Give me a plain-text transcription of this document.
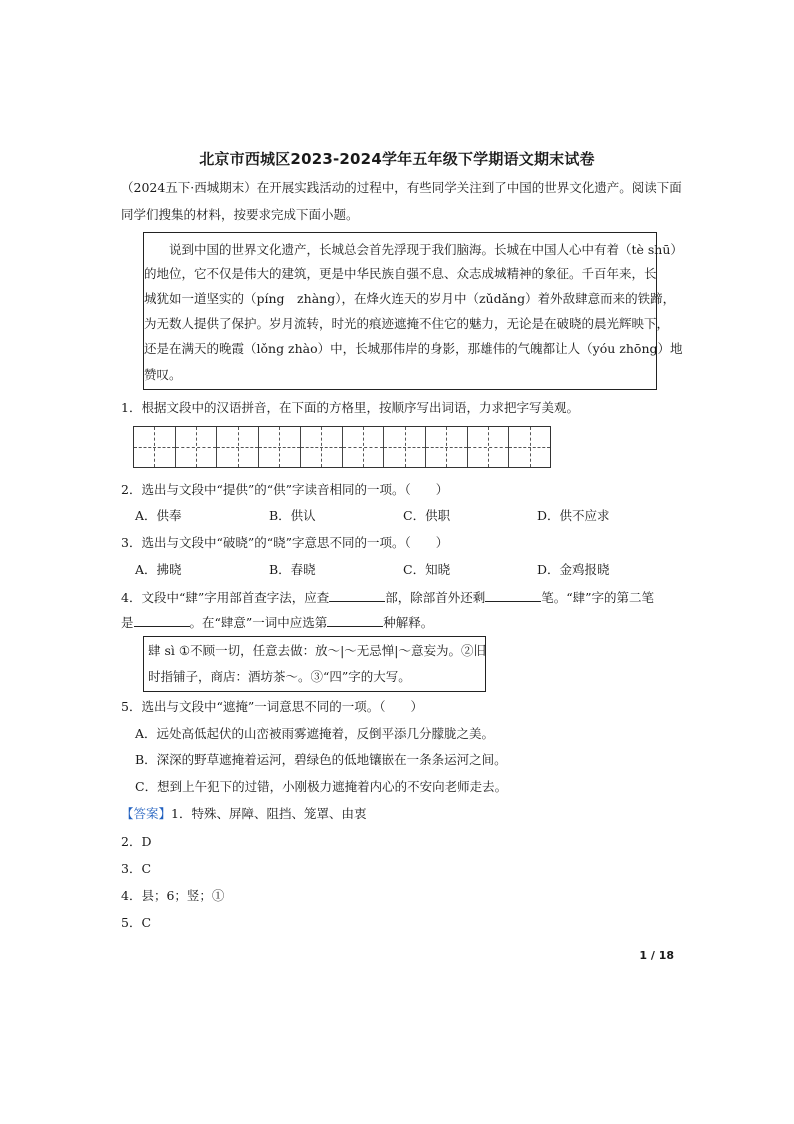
北京市西城区2023-2024学年五年级下学期语文期末试卷
（2024五下·西城期末）在开展实践活动的过程中，有些同学关注到了中国的世界文化遗产。阅读下面
同学们搜集的材料，按要求完成下面小题。
说到中国的世界文化遗产，长城总会首先浮现于我们脑海。长城在中国人心中有着（tè shū）
的地位，它不仅是伟大的建筑，更是中华民族自强不息、众志成城精神的象征。千百年来，长
城犹如一道坚实的（píng　zhàng），在烽火连天的岁月中（zǔdǎng）着外敌肆意而来的铁蹄，
为无数人提供了保护。岁月流转，时光的痕迹遮掩不住它的魅力，无论是在破晓的晨光辉映下，
还是在满天的晚霞（lǒng zhào）中，长城那伟岸的身影，那雄伟的气魄都让人（yóu zhōng）地
赞叹。
1．根据文段中的汉语拼音，在下面的方格里，按顺序写出词语，力求把字写美观。
2．选出与文段中“提供”的“供”字读音相同的一项。（　　）
A．供奉	B．供认	C．供职	D．供不应求
3．选出与文段中“破晓”的“晓”字意思不同的一项。（　　）
A．拂晓	B．春晓	C．知晓	D．金鸡报晓
4．文段中“肆”字用部首查字法，应查	部，除部首外还剩	笔。“肆”字的第二笔
是	。在“肆意”一词中应选第	种解释。
肆 sì ①不顾一切，任意去做：放～|～无忌惮|～意妄为。②旧
时指铺子，商店：酒坊茶～。③“四”字的大写。
5．选出与文段中“遮掩”一词意思不同的一项。（　　）
A．远处高低起伏的山峦被雨雾遮掩着，反倒平添几分朦胧之美。
B．深深的野草遮掩着运河，碧绿色的低地镶嵌在一条条运河之间。
C．想到上午犯下的过错，小刚极力遮掩着内心的不安向老师走去。
【答案】1．特殊、屏障、阻挡、笼罩、由衷
2．D
3．C
4．县；6；竖；①
5．C
1 / 18
